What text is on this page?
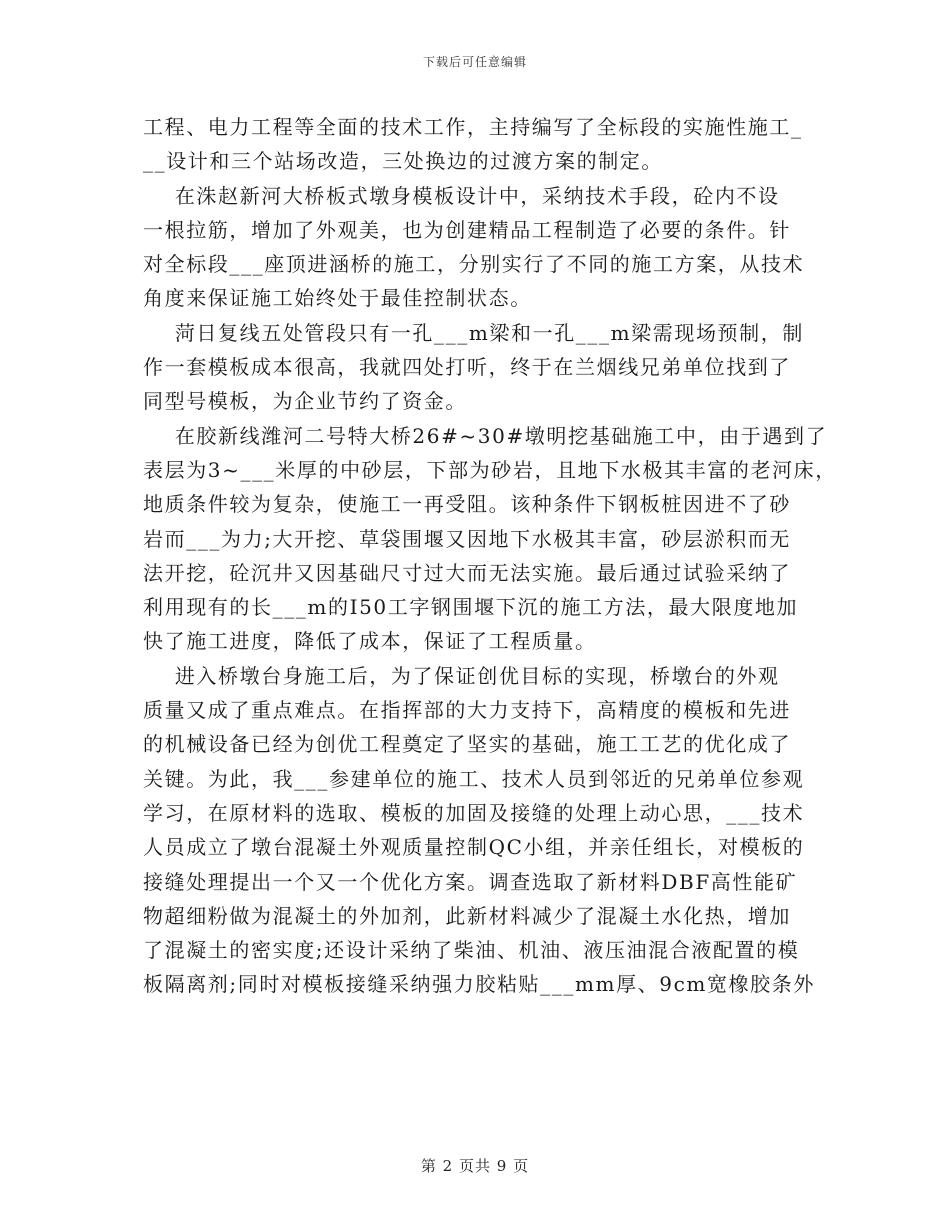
下载后可任意编辑

工程、电力工程等全面的技术工作，主持编写了全标段的实施性施工_

__设计和三个站场改造，三处换边的过渡方案的制定。

在洙赵新河大桥板式墩身模板设计中，采纳技术手段，砼内不设

一根拉筋，增加了外观美，也为创建精品工程制造了必要的条件。针

对全标段___座顶进涵桥的施工，分别实行了不同的施工方案，从技术

角度来保证施工始终处于最佳控制状态。

菏日复线五处管段只有一孔___m梁和一孔___m梁需现场预制，制

作一套模板成本很高，我就四处打听，终于在兰烟线兄弟单位找到了

同型号模板，为企业节约了资金。

在胶新线潍河二号特大桥26#~30#墩明挖基础施工中，由于遇到了

表层为3~___米厚的中砂层，下部为砂岩，且地下水极其丰富的老河床，

地质条件较为复杂，使施工一再受阻。该种条件下钢板桩因进不了砂

岩而___为力;大开挖、草袋围堰又因地下水极其丰富，砂层淤积而无

法开挖，砼沉井又因基础尺寸过大而无法实施。最后通过试验采纳了

利用现有的长___m的I50工字钢围堰下沉的施工方法，最大限度地加

快了施工进度，降低了成本，保证了工程质量。

进入桥墩台身施工后，为了保证创优目标的实现，桥墩台的外观

质量又成了重点难点。在指挥部的大力支持下，高精度的模板和先进

的机械设备已经为创优工程奠定了坚实的基础，施工工艺的优化成了

关键。为此，我___参建单位的施工、技术人员到邻近的兄弟单位参观

学习，在原材料的选取、模板的加固及接缝的处理上动心思，___技术

人员成立了墩台混凝土外观质量控制QC小组，并亲任组长，对模板的

接缝处理提出一个又一个优化方案。调查选取了新材料DBF高性能矿

物超细粉做为混凝土的外加剂，此新材料减少了混凝土水化热，增加

了混凝土的密实度;还设计采纳了柴油、机油、液压油混合液配置的模

板隔离剂;同时对模板接缝采纳强力胶粘贴___mm厚、9cm宽橡胶条外

第 2 页共 9 页
